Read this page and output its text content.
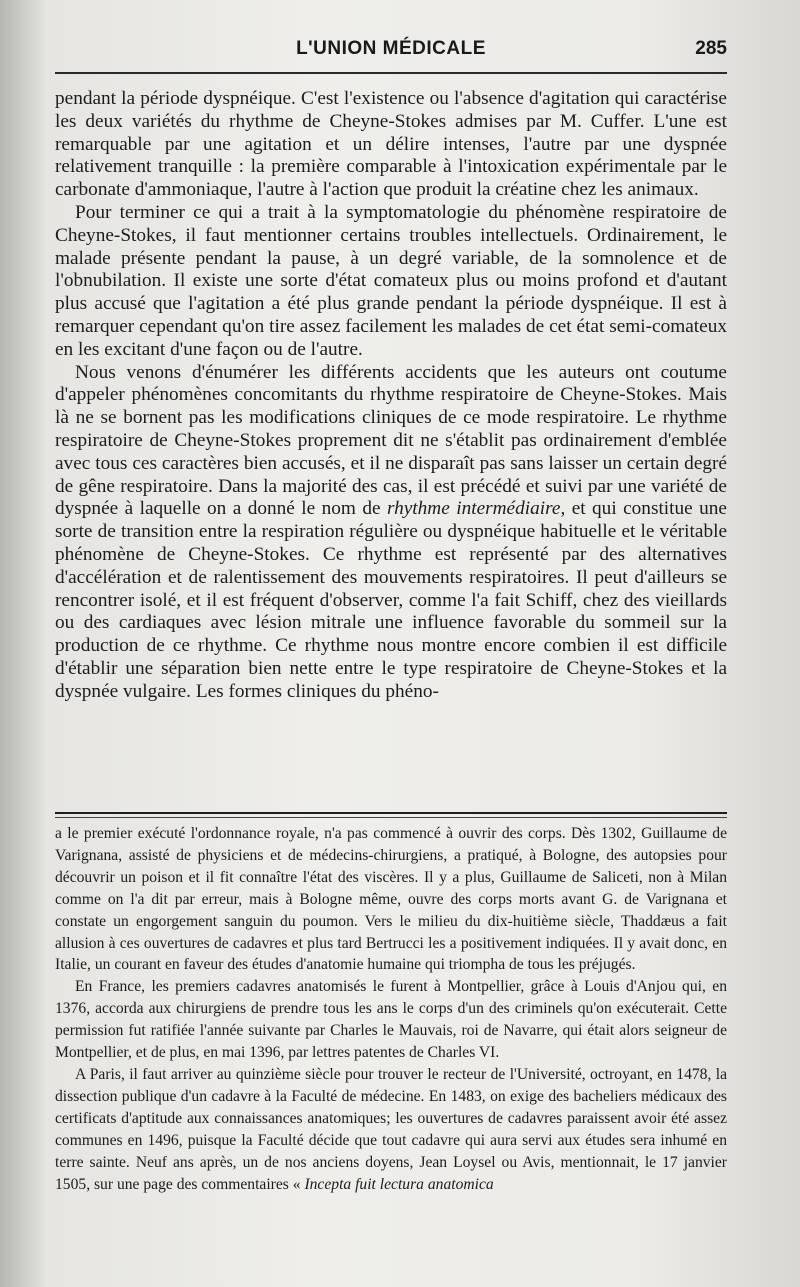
L'UNION MÉDICALE	285

pendant la période dyspnéique. C'est l'existence ou l'absence d'agitation qui caractérise les deux variétés du rhythme de Cheyne-Stokes admises par M. Cuffer. L'une est remarquable par une agitation et un délire intenses, l'autre par une dyspnée relativement tranquille : la première comparable à l'intoxication expérimentale par le carbonate d'ammoniaque, l'autre à l'action que produit la créatine chez les animaux.

Pour terminer ce qui a trait à la symptomatologie du phénomène respiratoire de Cheyne-Stokes, il faut mentionner certains troubles intellectuels. Ordinairement, le malade présente pendant la pause, à un degré variable, de la somnolence et de l'obnubilation. Il existe une sorte d'état comateux plus ou moins profond et d'autant plus accusé que l'agitation a été plus grande pendant la période dyspnéique. Il est à remarquer cependant qu'on tire assez facilement les malades de cet état semi-comateux en les excitant d'une façon ou de l'autre.

Nous venons d'énumérer les différents accidents que les auteurs ont coutume d'appeler phénomènes concomitants du rhythme respiratoire de Cheyne-Stokes. Mais là ne se bornent pas les modifications cliniques de ce mode respiratoire. Le rhythme respiratoire de Cheyne-Stokes proprement dit ne s'établit pas ordinairement d'emblée avec tous ces caractères bien accusés, et il ne disparaît pas sans laisser un certain degré de gêne respiratoire. Dans la majorité des cas, il est précédé et suivi par une variété de dyspnée à laquelle on a donné le nom de rhythme intermédiaire, et qui constitue une sorte de transition entre la respiration régulière ou dyspnéique habituelle et le véritable phénomène de Cheyne-Stokes. Ce rhythme est représenté par des alternatives d'accélération et de ralentissement des mouvements respiratoires. Il peut d'ailleurs se rencontrer isolé, et il est fréquent d'observer, comme l'a fait Schiff, chez des vieillards ou des cardiaques avec lésion mitrale une influence favorable du sommeil sur la production de ce rhythme. Ce rhythme nous montre encore combien il est difficile d'établir une séparation bien nette entre le type respiratoire de Cheyne-Stokes et la dyspnée vulgaire. Les formes cliniques du phéno-

a le premier exécuté l'ordonnance royale, n'a pas commencé à ouvrir des corps. Dès 1302, Guillaume de Varignana, assisté de physiciens et de médecins-chirurgiens, a pratiqué, à Bologne, des autopsies pour découvrir un poison et il fit connaître l'état des viscères. Il y a plus, Guillaume de Saliceti, non à Milan comme on l'a dit par erreur, mais à Bologne même, ouvre des corps morts avant G. de Varignana et constate un engorgement sanguin du poumon. Vers le milieu du dix-huitième siècle, Thaddæus a fait allusion à ces ouvertures de cadavres et plus tard Bertrucci les a positivement indiquées. Il y avait donc, en Italie, un courant en faveur des études d'anatomie humaine qui triompha de tous les préjugés.

En France, les premiers cadavres anatomisés le furent à Montpellier, grâce à Louis d'Anjou qui, en 1376, accorda aux chirurgiens de prendre tous les ans le corps d'un des criminels qu'on exécuterait. Cette permission fut ratifiée l'année suivante par Charles le Mauvais, roi de Navarre, qui était alors seigneur de Montpellier, et de plus, en mai 1396, par lettres patentes de Charles VI.

A Paris, il faut arriver au quinzième siècle pour trouver le recteur de l'Université, octroyant, en 1478, la dissection publique d'un cadavre à la Faculté de médecine. En 1483, on exige des bacheliers médicaux des certificats d'aptitude aux connaissances anatomiques; les ouvertures de cadavres paraissent avoir été assez communes en 1496, puisque la Faculté décide que tout cadavre qui aura servi aux études sera inhumé en terre sainte. Neuf ans après, un de nos anciens doyens, Jean Loysel ou Avis, mentionnait, le 17 janvier 1505, sur une page des commentaires « Incepta fuit lectura anatomica
